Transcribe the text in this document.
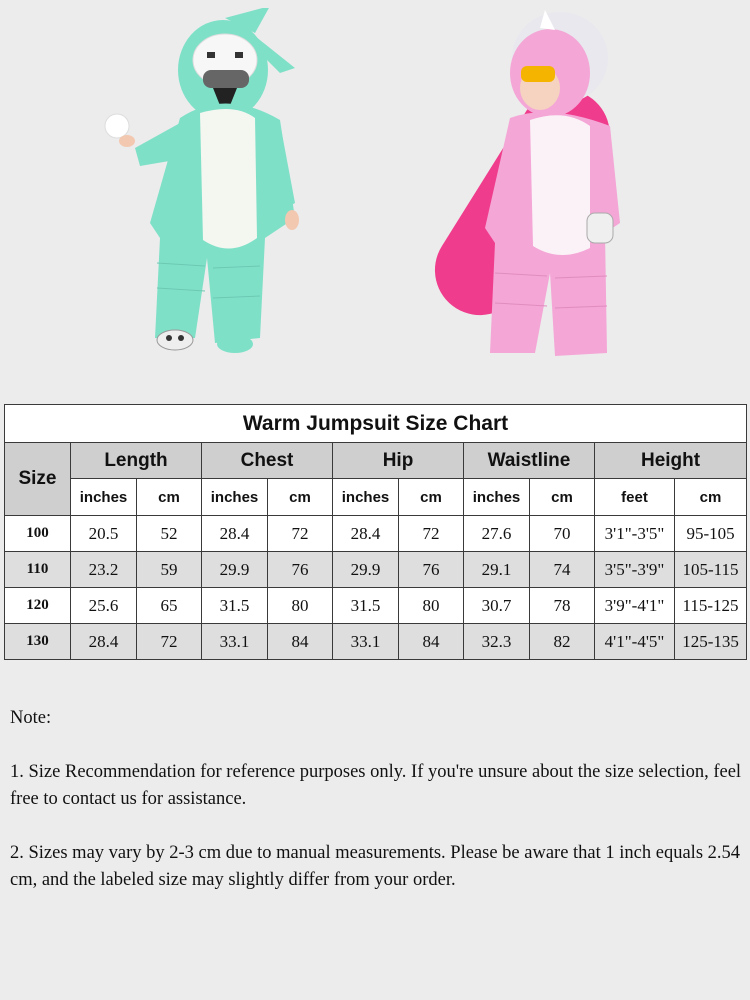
Warm Jumpsuit Size Chart										
Size	Length		Chest		Hip		Waistline		Height	
	inches	cm	inches	cm	inches	cm	inches	cm	feet	cm
100	20.5	52	28.4	72	28.4	72	27.6	70	3'1"-3'5"	95-105
110	23.2	59	29.9	76	29.9	76	29.1	74	3'5"-3'9"	105-115
120	25.6	65	31.5	80	31.5	80	30.7	78	3'9"-4'1"	115-125
130	28.4	72	33.1	84	33.1	84	32.3	82	4'1"-4'5"	125-135

Note:

1. Size Recommendation for reference purposes only. If you're unsure about the size selection, feel free to contact us for assistance.

2. Sizes may vary by 2-3 cm due to manual measurements. Please be aware that 1 inch equals 2.54 cm, and the labeled size may slightly differ from your order.
